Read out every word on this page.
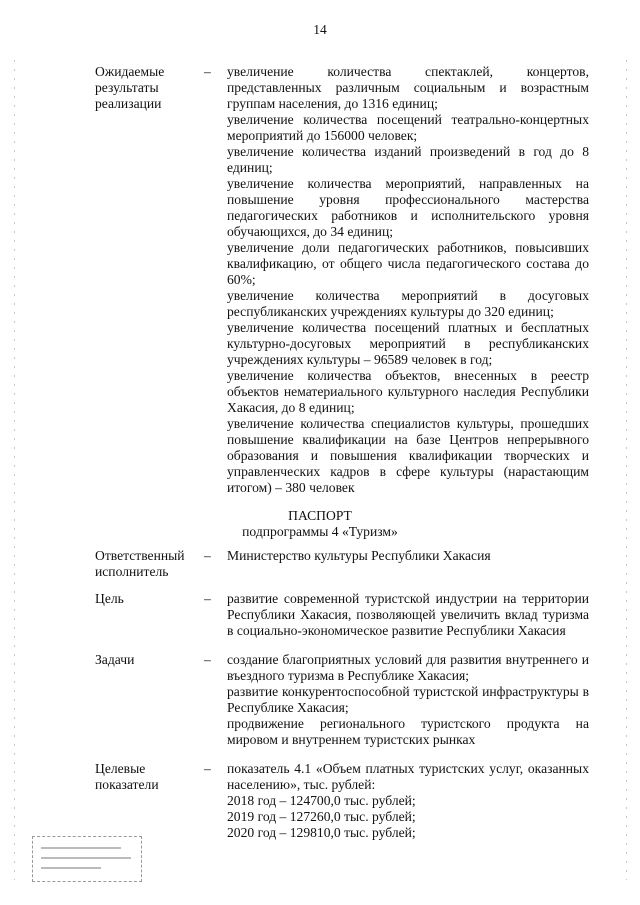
14
Ожидаемые результаты реализации
– увеличение количества спектаклей, концертов, представленных различным социальным и возрастным группам населения, до 1316 единиц;

увеличение количества посещений театрально-концертных мероприятий до 156000 человек;

увеличение количества изданий произведений в год до 8 единиц;

увеличение количества мероприятий, направленных на повышение уровня профессионального мастерства педагогических работников и исполнительского уровня обучающихся, до 34 единиц;

увеличение доли педагогических работников, повысивших квалификацию, от общего числа педагогического состава до 60%;

увеличение количества мероприятий в досуговых республиканских учреждениях культуры до 320 единиц;

увеличение количества посещений платных и бесплатных культурно-досуговых мероприятий в республиканских учреждениях культуры – 96589 человек в год;

увеличение количества объектов, внесенных в реестр объектов нематериального культурного наследия Республики Хакасия, до 8 единиц;

увеличение количества специалистов культуры, прошедших повышение квалификации на базе Центров непрерывного образования и повышения квалификации творческих и управленческих кадров в сфере культуры (нарастающим итогом) – 380 человек

ПАСПОРТ
подпрограммы 4 «Туризм»
Ответственный исполнитель
– Министерство культуры Республики Хакасия

Цель	– развитие современной туристской индустрии на территории Республики Хакасия, позволяющей увеличить вклад туризма в социально-экономическое развитие Республики Хакасия

Задачи	– создание благоприятных условий для развития внутреннего и въездного туризма в Республике Хакасия;

развитие конкурентоспособной туристской инфраструктуры в Республике Хакасия;

продвижение регионального туристского продукта на мировом и внутреннем туристских рынках

Целевые показатели
– показатель 4.1 «Объем платных туристских услуг, оказанных населению», тыс. рублей:

2018 год – 124700,0 тыс. рублей;

2019 год – 127260,0 тыс. рублей;

2020 год – 129810,0 тыс. рублей;
